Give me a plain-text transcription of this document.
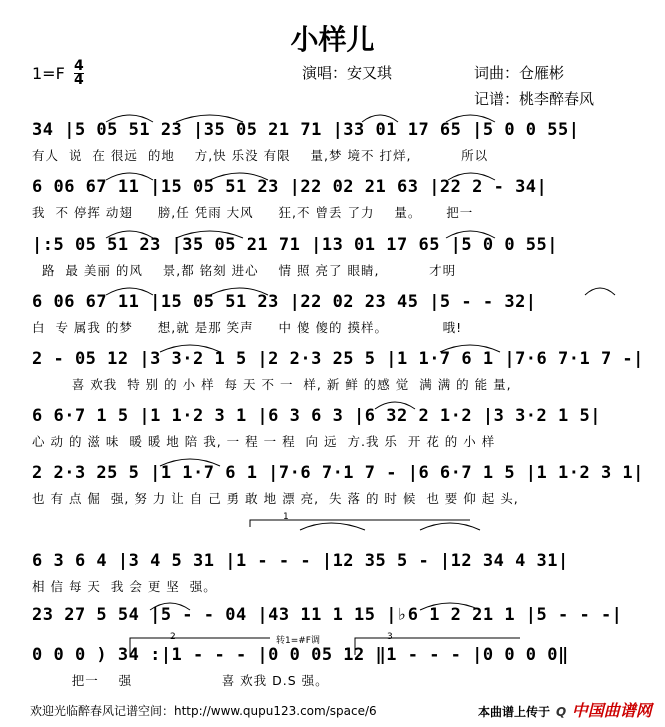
小样儿
1=F 4
4	演唱：安又琪	词曲：仓雁彬
记谱：桃李醉春风
34 |5 05 51 23 |35 05 21 71 |33 01 17 65 |5 0 0 55|
有人  说  在 很远  的地    方,快 乐没 有限    量,梦 境不 打烊,          所以
6 06 67 11 |15 05 51 23 |22 02 21 63 |22 2 - 34|
我  不 停挥 动翅     膀,任 凭雨 大风     狂,不 曾丢 了力    量。     把一
|:5 05 51 23 |35 05 21 71 |13 01 17 65 |5 0 0 55|
路  最 美丽 的风    景,都 铭刻 进心    情 照 亮了 眼睛,          才明
6 06 67 11 |15 05 51 23 |22 02 23 45 |5 - - 32|
白  专 属我 的梦     想,就 是那 笑声     中 傻 傻的 摸样。           哦!
2 - 05 12 |3 3·2 1 5 |2 2·3 25 5 |1 1·7 6 1 |7·6 7·1 7 -|
喜 欢我  特 别 的 小 样  每 天 不 一  样, 新 鲜 的感 觉  满 满 的 能 量,
6 6·7 1 5 |1 1·2 3 1 |6 3 6 3 |6 32 2 1·2 |3 3·2 1 5|
心 动 的 滋 味  暖 暖 地 陪 我, 一 程 一 程  向 远  方.我 乐  开 花 的 小 样
2 2·3 25 5 |1 1·7 6 1 |7·6 7·1 7 - |6 6·7 1 5 |1 1·2 3 1|
也 有 点 倔  强, 努 力 让 自 己 勇 敢 地 漂 亮,  失 落 的 时 候  也 要 仰 起 头,
6 3 6 4 |3 4 5 31 |1 - - - |12 35 5 - |12 34 4 31|
相 信 每 天  我 会 更 坚  强。
23 27 5 54 |5 - - 04 |43 11 1 15 |♭6 1 2 21 1 |5 - - -|
0 0 0 ) 34 :|1 - - - |0 0 05 12 ‖1 - - - |0 0 0 0‖
把一    强                  喜 欢我 D.S 强。
1
2	3
转1=#F调
欢迎光临醉春风记谱空间：http://www.qupu123.com/space/6	本曲谱上传于 Q 中国曲谱网
